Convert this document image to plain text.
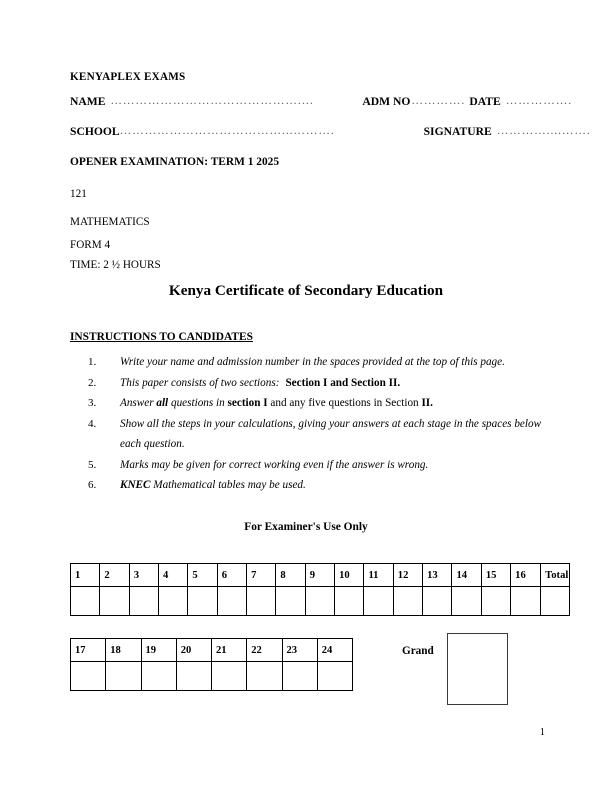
KENYAPLEX EXAMS
NAME ……………………………………….…	ADM NO …………. DATE …………….
SCHOOL …………………………………...……….	SIGNATURE …………....…….
OPENER EXAMINATION: TERM 1 2025
121
MATHEMATICS
FORM 4
TIME: 2 ½ HOURS
Kenya Certificate of Secondary Education
INSTRUCTIONS TO CANDIDATES
1.	Write your name and admission number in the spaces provided at the top of this page.
2.	This paper consists of two sections: Section I and Section II.
3.	Answer all questions in section I and any five questions in Section II.
4.	Show all the steps in your calculations, giving your answers at each stage in the spaces below each question.
5.	Marks may be given for correct working even if the answer is wrong.
6.	KNEC Mathematical tables may be used.
For Examiner's Use Only
1	2	3	4	5	6	7	8	9	10	11	12	13	14	15	16	Total

17	18	19	20	21	22	23	24
								Grand
1
